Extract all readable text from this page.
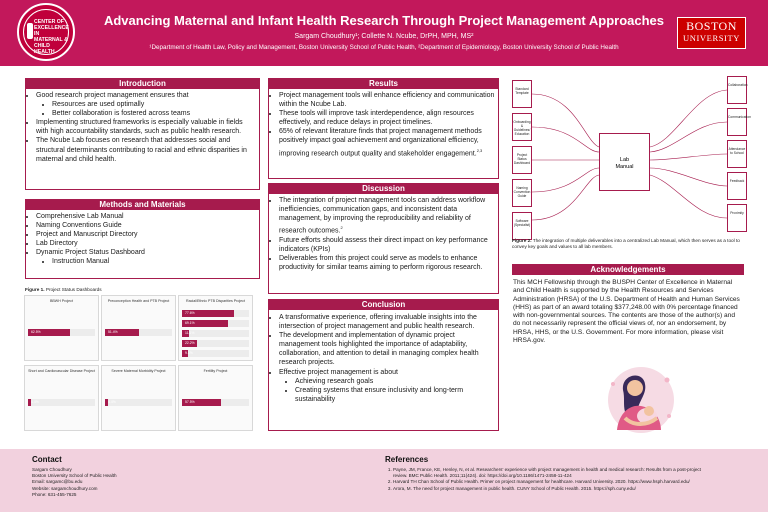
CENTER OF
EXCELLENCE
IN MATERNAL &
CHILD HEALTH
Advancing Maternal and Infant Health Research Through Project Management Approaches
Sargam Choudhury¹; Collette N. Ncube, DrPH, MPH, MS²
¹Department of Health Law, Policy and Management, Boston University School of Public Health, ²Department of Epidemiology, Boston University School of Public Health
BOSTON
UNIVERSITY
Introduction
• Good research project management ensures that
• Resources are used optimally
• Better collaboration is fostered across teams
• Implementing structured frameworks is especially valuable in fields with high accountability standards, such as public health research.
• The Ncube Lab focuses on research that addresses social and structural determinants contributing to racial and ethnic disparities in maternal and child health.
Methods and Materials
• Comprehensive Lab Manual
• Naming Conventions Guide
• Project and Manuscript Directory
• Lab Directory
• Dynamic Project Status Dashboard
• Instruction Manual
Figure 1. Project Status Dashboards
BBWH Project
62.5%
Preconception Health and PTB Project
51.4%
Racial/Ethnic PTB Disparities Project
77.6%
69.1%
11.1%
22.2%
9.1%
Short and Cardiovascular Disease Project
4.4%
Severe Maternal Morbidity Project
4.4%
Fertility Project
57.5%
Results
• Project management tools will enhance efficiency and communication within the Ncube Lab.
• These tools will improve task interdependence, align resources effectively, and reduce delays in project timelines.
• 65% of relevant literature finds that project management methods positively impact goal achievement and organizational efficiency, improving research output quality and stakeholder engagement.$^{2,3}$
Discussion
• The integration of project management tools can address workflow inefficiencies, communication gaps, and inconsistent data management, by improving the reproducibility and reliability of research outcomes.$^2$
• Future efforts should assess their direct impact on key performance indicators (KPIs)
• Deliverables from this project could serve as models to enhance productivity for similar teams aiming to perform rigorous research.
Conclusion
• A transformative experience, offering invaluable insights into the intersection of project management and public health research.
• The development and implementation of dynamic project management tools highlighted the importance of adaptability, collaboration, and attention to detail in managing complex health research projects.
• Effective project management is about
• Achieving research goals
• Creating systems that ensure inclusivity and long-term sustainability
Standard Template
Onboarding & Guidelines/ Education
Project Status Dashboard
Naming Convention Guide
Software (Specialist)
Collaboration
Communication
Attendance to School
Feedback
Proximity
Lab
Manual
Figure 2. The integration of multiple deliverables into a centralized Lab Manual, which then serves as a tool to convey key goals and values to all lab members.
Acknowledgements
This MCH Fellowship through the BUSPH Center of Excellence in Maternal and Child Health is supported by the Health Resources and Services Administration (HRSA) of the U.S. Department of Health and Human Services (HHS) as part of an award totaling $377,248.00 with 0% percentage financed with non-governmental sources. The contents are those of the author(s) and do not necessarily represent the official views of, nor an endorsement, by HRSA, HHS, or the U.S. Government. For more information, please visit HRSA.gov.
Contact
Sargam Choudhury
Boston University School of Public Health
Email: sargamc@bu.edu
Website: sargamchoudhury.com
Phone: 631-455-7625
References
1. Payne, JM, France, KE, Henley, N, et al. Researchers' experience with project management in health and medical research: Results from a post-project review. BMC Public Health. 2011;11(424). doi: https://doi.org/10.1186/1471-2458-11-424
2. Harvard TH Chan School of Public Health. Primer on project management for healthcare. Harvard University. 2020. https://www.hsph.harvard.edu/
3. Arora, M. The need for project management in public health. CUNY School of Public Health. 2015. https://sph.cuny.edu/
